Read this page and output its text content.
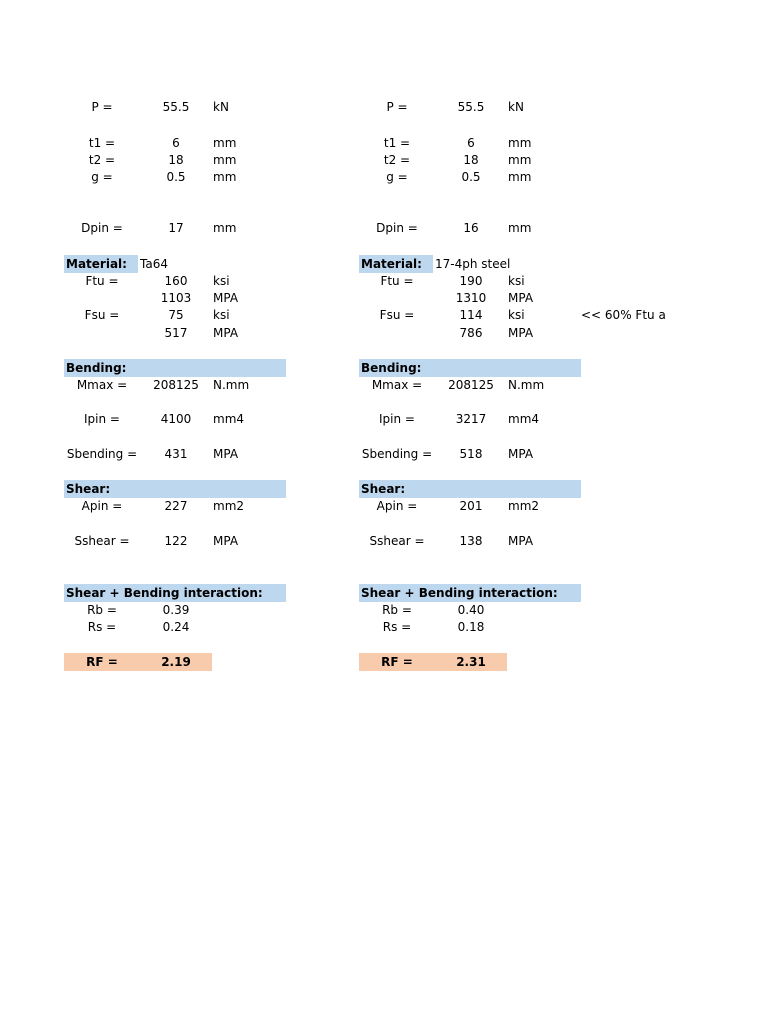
P =	55.5	kN
t1 =	6	mm
t2 =	18	mm
g =	0.5	mm
Dpin =	17	mm
Material: Ta64
Ftu =	160	ksi
1103	MPA
Fsu =	75	ksi
517	MPA
Bending:
Mmax =	208125 N.mm
Ipin =	4100	mm4
Sbending =	431	MPA
Shear:
Apin =	227	mm2
Sshear =	122	MPA
Shear + Bending interaction:
Rb =	0.39
Rs =	0.24
RF =	2.19
P =	55.5	kN
t1 =	6	mm
t2 =	18	mm
g =	0.5	mm
Dpin =	16	mm
Material: 17-4ph steel
Ftu =	190	ksi
1310	MPA
Fsu =	114	ksi	<< 60% Ftu a
786	MPA
Bending:
Mmax =	208125 N.mm
Ipin =	3217	mm4
Sbending =	518	MPA
Shear:
Apin =	201	mm2
Sshear =	138	MPA
Shear + Bending interaction:
Rb =	0.40
Rs =	0.18
RF =	2.31
